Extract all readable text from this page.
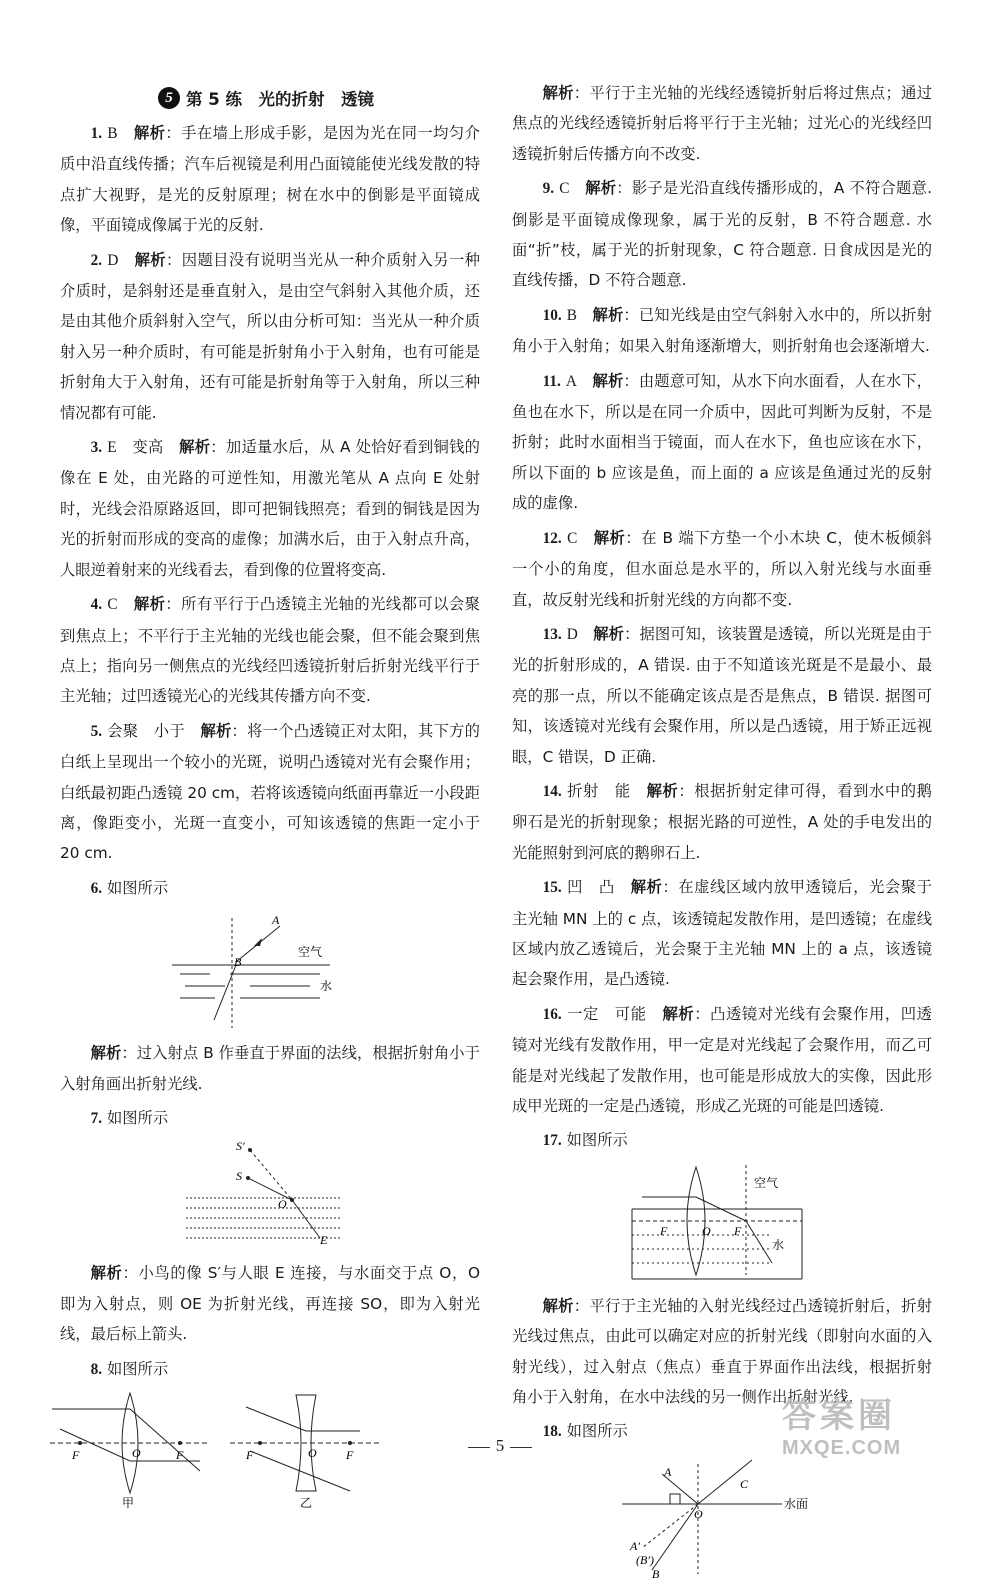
5 第 5 练　光的折射　透镜

1. B　 解析：手在墙上形成手影，是因为光在同一均匀介质中沿直线传播；汽车后视镜是利用凸面镜能使光线发散的特点扩大视野，是光的反射原理；树在水中的倒影是平面镜成像，平面镜成像属于光的反射.

2. D　 解析：因题目没有说明当光从一种介质射入另一种介质时，是斜射还是垂直射入，是由空气斜射入其他介质，还是由其他介质斜射入空气，所以由分析可知：当光从一种介质射入另一种介质时，有可能是折射角小于入射角，也有可能是折射角大于入射角，还有可能是折射角等于入射角，所以三种情况都有可能.

3. E　变高　 解析：加适量水后，从 A 处恰好看到铜钱的像在 E 处，由光路的可逆性知，用激光笔从 A 点向 E 处射时，光线会沿原路返回，即可把铜钱照亮；看到的铜钱是因为光的折射而形成的变高的虚像；加满水后，由于入射点升高，人眼逆着射来的光线看去，看到像的位置将变高.

4. C　 解析：所有平行于凸透镜主光轴的光线都可以会聚到焦点上；不平行于主光轴的光线也能会聚，但不能会聚到焦点上；指向另一侧焦点的光线经凹透镜折射后折射光线平行于主光轴；过凹透镜光心的光线其传播方向不变.

5. 会聚　小于　 解析：将一个凸透镜正对太阳，其下方的白纸上呈现出一个较小的光斑，说明凸透镜对光有会聚作用；白纸最初距凸透镜 20 cm，若将该透镜向纸面再靠近一小段距离，像距变小，光斑一直变小，可知该透镜的焦距一定小于 20 cm.

6. 如图所示

A
B
空气
水

解析：过入射点 B 作垂直于界面的法线，根据折射角小于入射角画出折射光线.

7. 如图所示

S′
S
O
E

解析：小鸟的像 S′与人眼 E 连接，与水面交于点 O，O 即为入射点，则 OE 为折射光线，再连接 SO，即为入射光线，最后标上箭头.

8. 如图所示

F	O	F
甲
F	O F
乙

解析：平行于主光轴的光线经透镜折射后将过焦点；通过焦点的光线经透镜折射后将平行于主光轴；过光心的光线经凹透镜折射后传播方向不改变.

9. C　 解析：影子是光沿直线传播形成的，A 不符合题意. 倒影是平面镜成像现象，属于光的反射，B 不符合题意. 水面“折”枝，属于光的折射现象，C 符合题意. 日食成因是光的直线传播，D 不符合题意.

10. B　 解析：已知光线是由空气斜射入水中的，所以折射角小于入射角；如果入射角逐渐增大，则折射角也会逐渐增大.

11. A　 解析：由题意可知，从水下向水面看，人在水下，鱼也在水下，所以是在同一介质中，因此可判断为反射，不是折射；此时水面相当于镜面，而人在水下，鱼也应该在水下，所以下面的 b 应该是鱼，而上面的 a 应该是鱼通过光的反射成的虚像.

12. C　 解析：在 B 端下方垫一个小木块 C，使木板倾斜一个小的角度，但水面总是水平的，所以入射光线与水面垂直，故反射光线和折射光线的方向都不变.

13. D　 解析：据图可知，该装置是透镜，所以光斑是由于光的折射形成的，A 错误. 由于不知道该光斑是不是最小、最亮的那一点，所以不能确定该点是否是焦点，B 错误. 据图可知，该透镜对光线有会聚作用，所以是凸透镜，用于矫正远视眼，C 错误，D 正确.

14. 折射　能　 解析：根据折射定律可得，看到水中的鹅卵石是光的折射现象；根据光路的可逆性，A 处的手电发出的光能照射到河底的鹅卵石上.

15. 凹　凸　 解析：在虚线区域内放甲透镜后，光会聚于主光轴 MN 上的 c 点，该透镜起发散作用，是凹透镜；在虚线区域内放乙透镜后，光会聚于主光轴 MN 上的 a 点，该透镜起会聚作用，是凸透镜.

16. 一定　可能　 解析：凸透镜对光线有会聚作用，凹透镜对光线有发散作用，甲一定是对光线起了会聚作用，而乙可能是对光线起了发散作用，也可能是形成放大的实像，因此形成甲光斑的一定是凸透镜，形成乙光斑的可能是凹透镜.

17. 如图所示

F	O F
空气
水

解析：平行于主光轴的入射光线经过凸透镜折射后，折射光线过焦点，由此可以确定对应的折射光线（即射向水面的入射光线），过入射点（焦点）垂直于界面作出法线，根据折射角小于入射角，在水中法线的另一侧作出折射光线.

18. 如图所示

A
C
O
A′
(B′)
B
水面
5
答案圈
MXQE.COM
